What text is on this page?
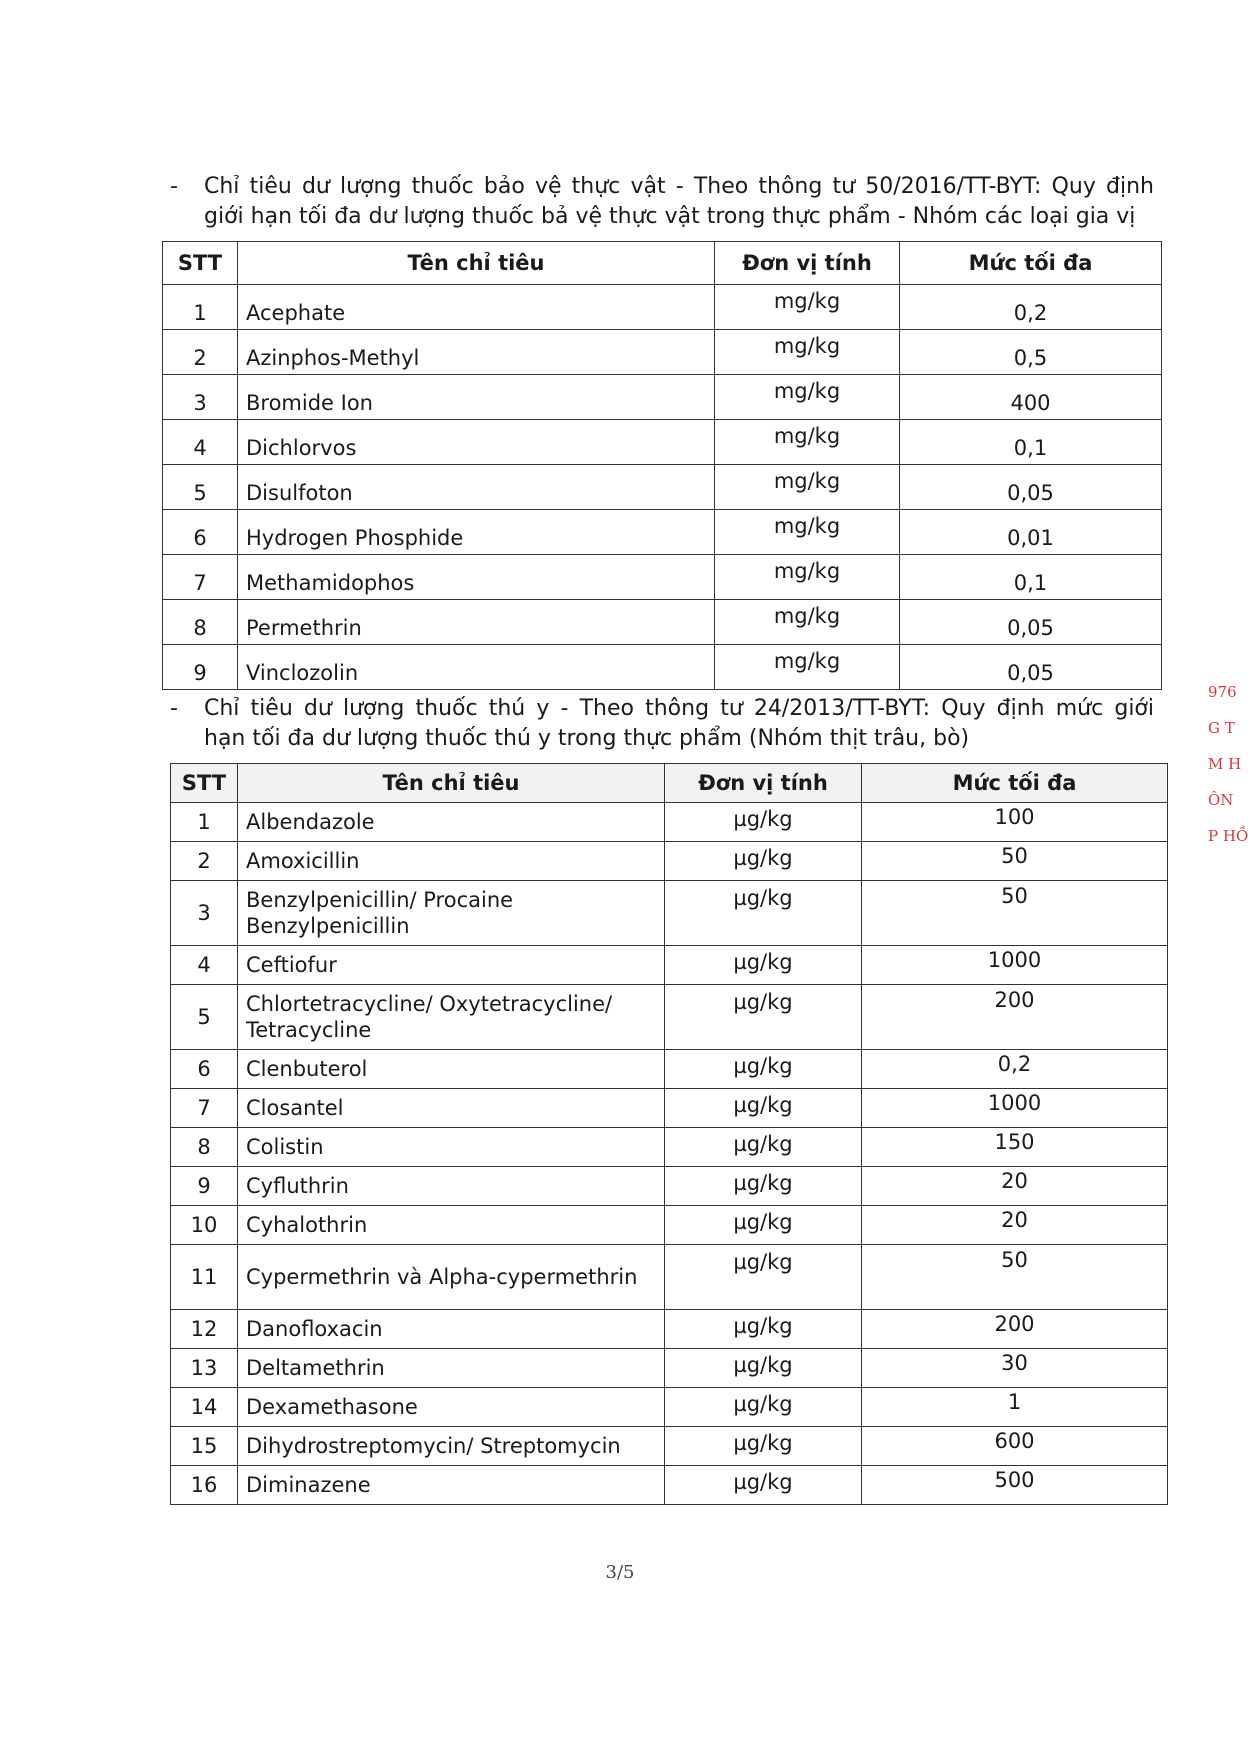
- Chỉ tiêu dư lượng thuốc bảo vệ thực vật - Theo thông tư 50/2016/TT-BYT: Quy định
giới hạn tối đa dư lượng thuốc bả vệ thực vật trong thực phẩm - Nhóm các loại gia vị
STT	Tên chỉ tiêu	Đơn vị tính	Mức tối đa
1	Acephate	mg/kg	0,2
2	Azinphos-Methyl	mg/kg	0,5
3	Bromide Ion	mg/kg	400
4	Dichlorvos	mg/kg	0,1
5	Disulfoton	mg/kg	0,05
6	Hydrogen Phosphide	mg/kg	0,01
7	Methamidophos	mg/kg	0,1
8	Permethrin	mg/kg	0,05
9	Vinclozolin	mg/kg	0,05
- Chỉ tiêu dư lượng thuốc thú y - Theo thông tư 24/2013/TT-BYT: Quy định mức giới
hạn tối đa dư lượng thuốc thú y trong thực phẩm (Nhóm thịt trâu, bò)
STT	Tên chỉ tiêu	Đơn vị tính	Mức tối đa
1	Albendazole	µg/kg	100
2	Amoxicillin	µg/kg	50
3	Benzylpenicillin/ Procaine Benzylpenicillin	µg/kg	50
4	Ceftiofur	µg/kg	1000
5	Chlortetracycline/ Oxytetracycline/ Tetracycline	µg/kg	200
6	Clenbuterol	µg/kg	0,2
7	Closantel	µg/kg	1000
8	Colistin	µg/kg	150
9	Cyfluthrin	µg/kg	20
10	Cyhalothrin	µg/kg	20
11	Cypermethrin và Alpha-cypermethrin	µg/kg	50
12	Danofloxacin	µg/kg	200
13	Deltamethrin	µg/kg	30
14	Dexamethasone	µg/kg	1
15	Dihydrostreptomycin/ Streptomycin	µg/kg	600
16	Diminazene	µg/kg	500
3/5
976
G T
M H
ÔN
P HỒ
